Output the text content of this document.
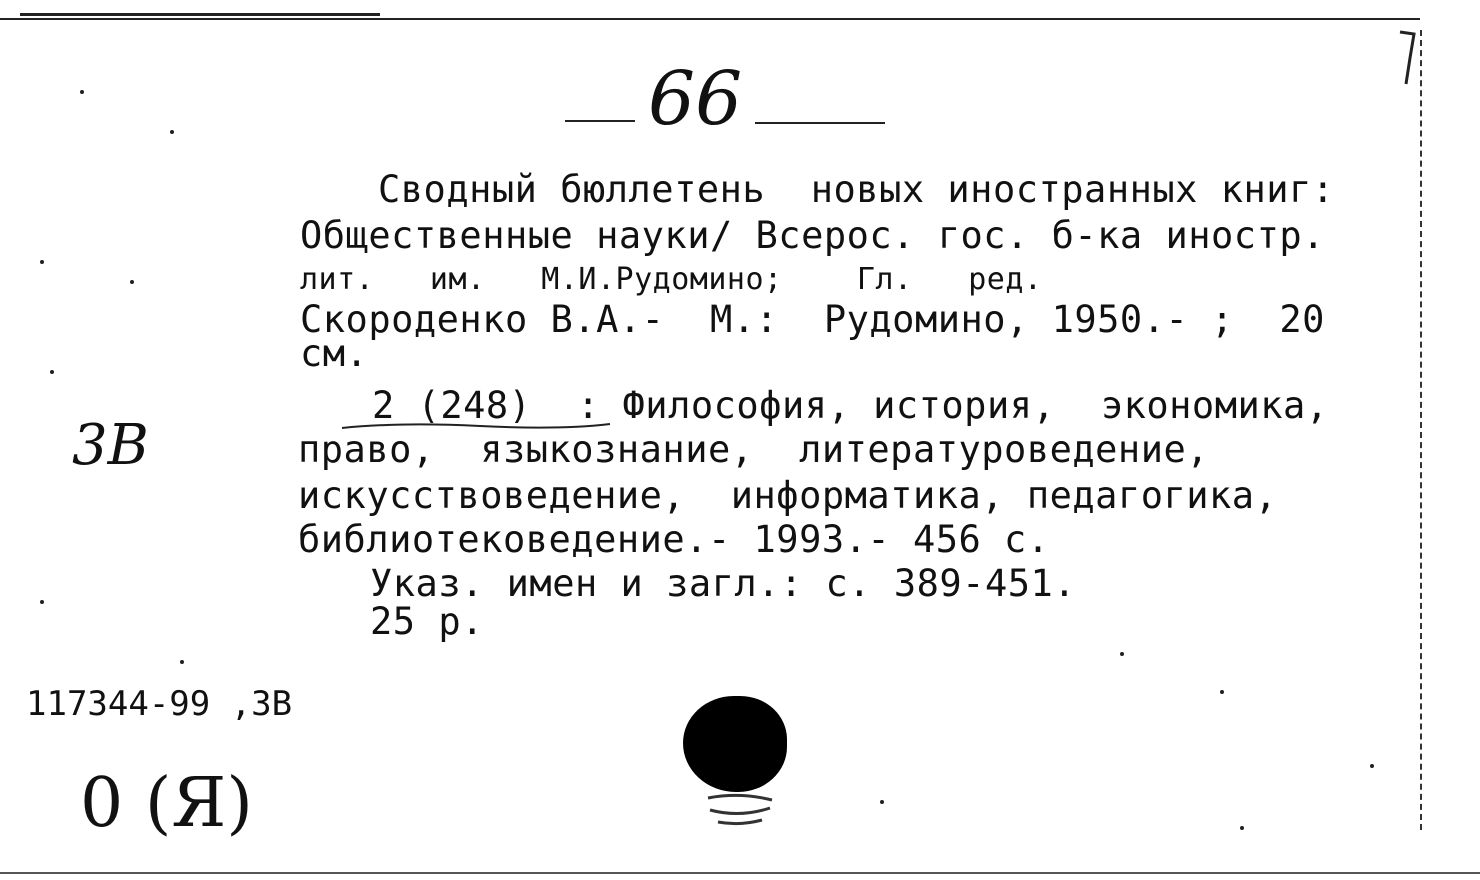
66
Сводный бюллетень  новых иностранных книг:
Общественные науки/ Всерос. гос. б-ка иностр.
лит.   им.   М.И.Рудомино;    Гл.   ред.
Скороденко В.А.-  М.:  Рудомино, 1950.- ;  20
см.
2 (248)  : Философия, история,  экономика,
право,  языкознание,  литературоведение,
искусствоведение,  информатика, педагогика,
библиотековедение.- 1993.- 456 с.
Указ. имен и загл.: с. 389-451.
25 р.
3В
117344-99 ,3В
0 (Я)
